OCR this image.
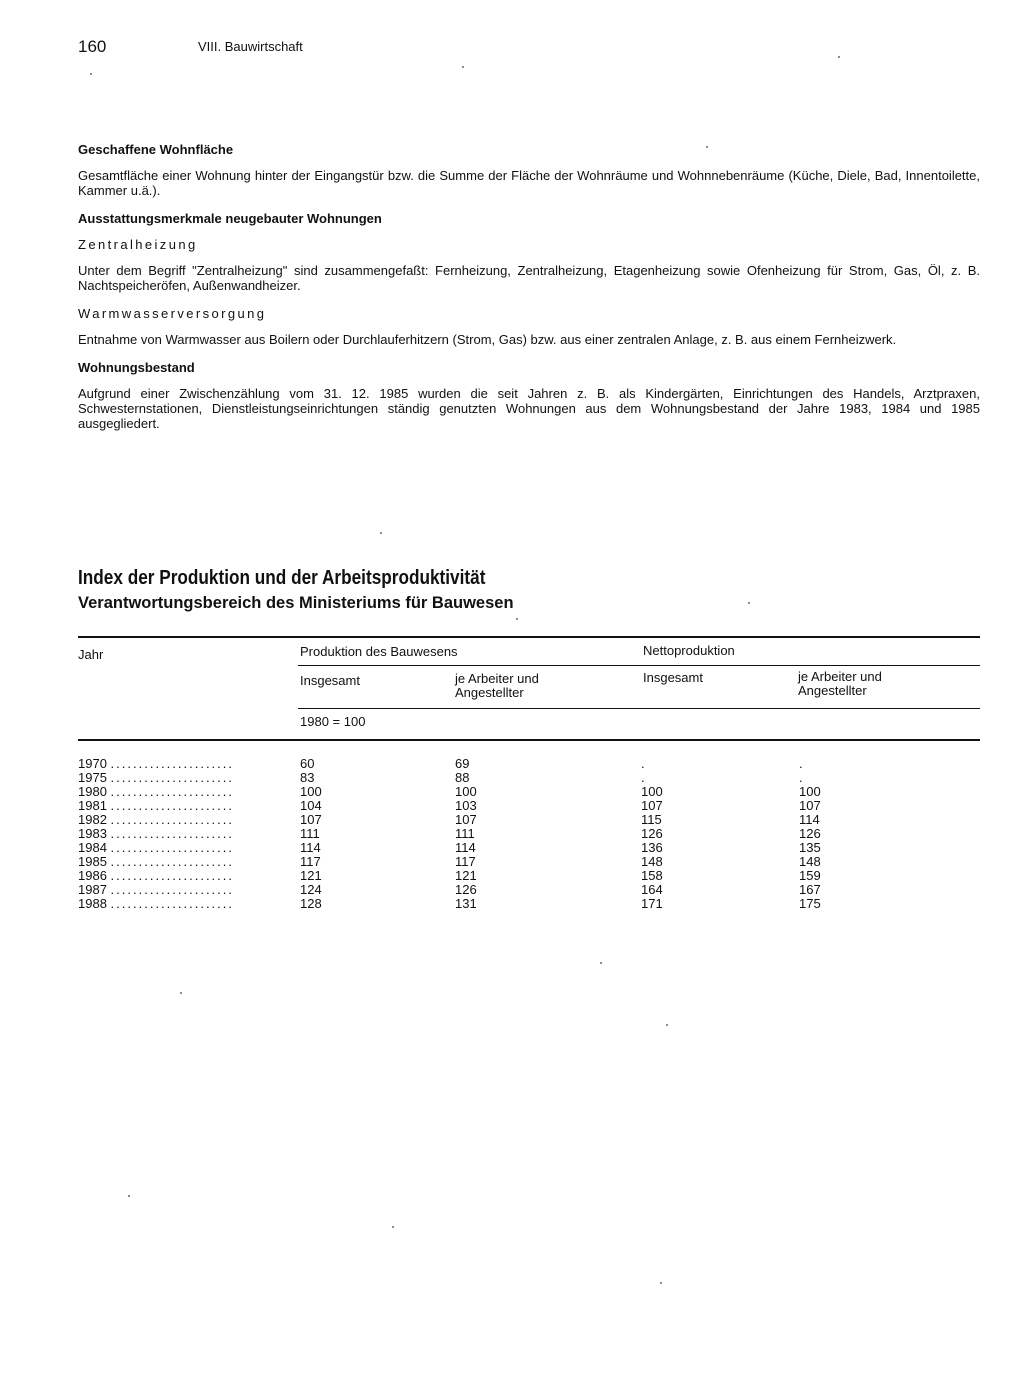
160	VIII. Bauwirtschaft
Geschaffene Wohnfläche

Gesamtfläche einer Wohnung hinter der Eingangstür bzw. die Summe der Fläche der Wohnräume und Wohnnebenräume (Küche, Diele, Bad, Innentoilette, Kammer u.ä.).

Ausstattungsmerkmale neugebauter Wohnungen
Zentralheizung

Unter dem Begriff "Zentralheizung" sind zusammengefaßt: Fernheizung, Zentralheizung, Etagenheizung sowie Ofenheizung für Strom, Gas, Öl, z. B. Nachtspeicheröfen, Außenwandheizer.

Warmwasserversorgung

Entnahme von Warmwasser aus Boilern oder Durchlauferhitzern (Strom, Gas) bzw. aus einer zentralen Anlage, z. B. aus einem Fernheizwerk.

Wohnungsbestand

Aufgrund einer Zwischenzählung vom 31. 12. 1985 wurden die seit Jahren z. B. als Kindergärten, Einrichtungen des Handels, Arztpraxen, Schwesternstationen, Dienstleistungseinrichtungen ständig genutzten Wohnungen aus dem Wohnungsbestand der Jahre 1983, 1984 und 1985 ausgegliedert.

Index der Produktion und der Arbeitsproduktivität
Verantwortungsbereich des Ministeriums für Bauwesen
Jahr	Produktion des Bauwesens	Nettoproduktion
Insgesamt	je Arbeiter und
Angestellter
Insgesamt	je Arbeiter und
Angestellter
1980 = 100
1970 ......................	60	69	.	.
1975 ......................	83	88	.	.
1980 ......................	100	100	100	100
1981 ......................	104	103	107	107
1982 ......................	107	107	115	114
1983 ......................	111	111	126	126
1984 ......................	114	114	136	135
1985 ......................	117	117	148	148
1986 ......................	121	121	158	159
1987 ......................	124	126	164	167
1988 ......................	128	131	171	175
